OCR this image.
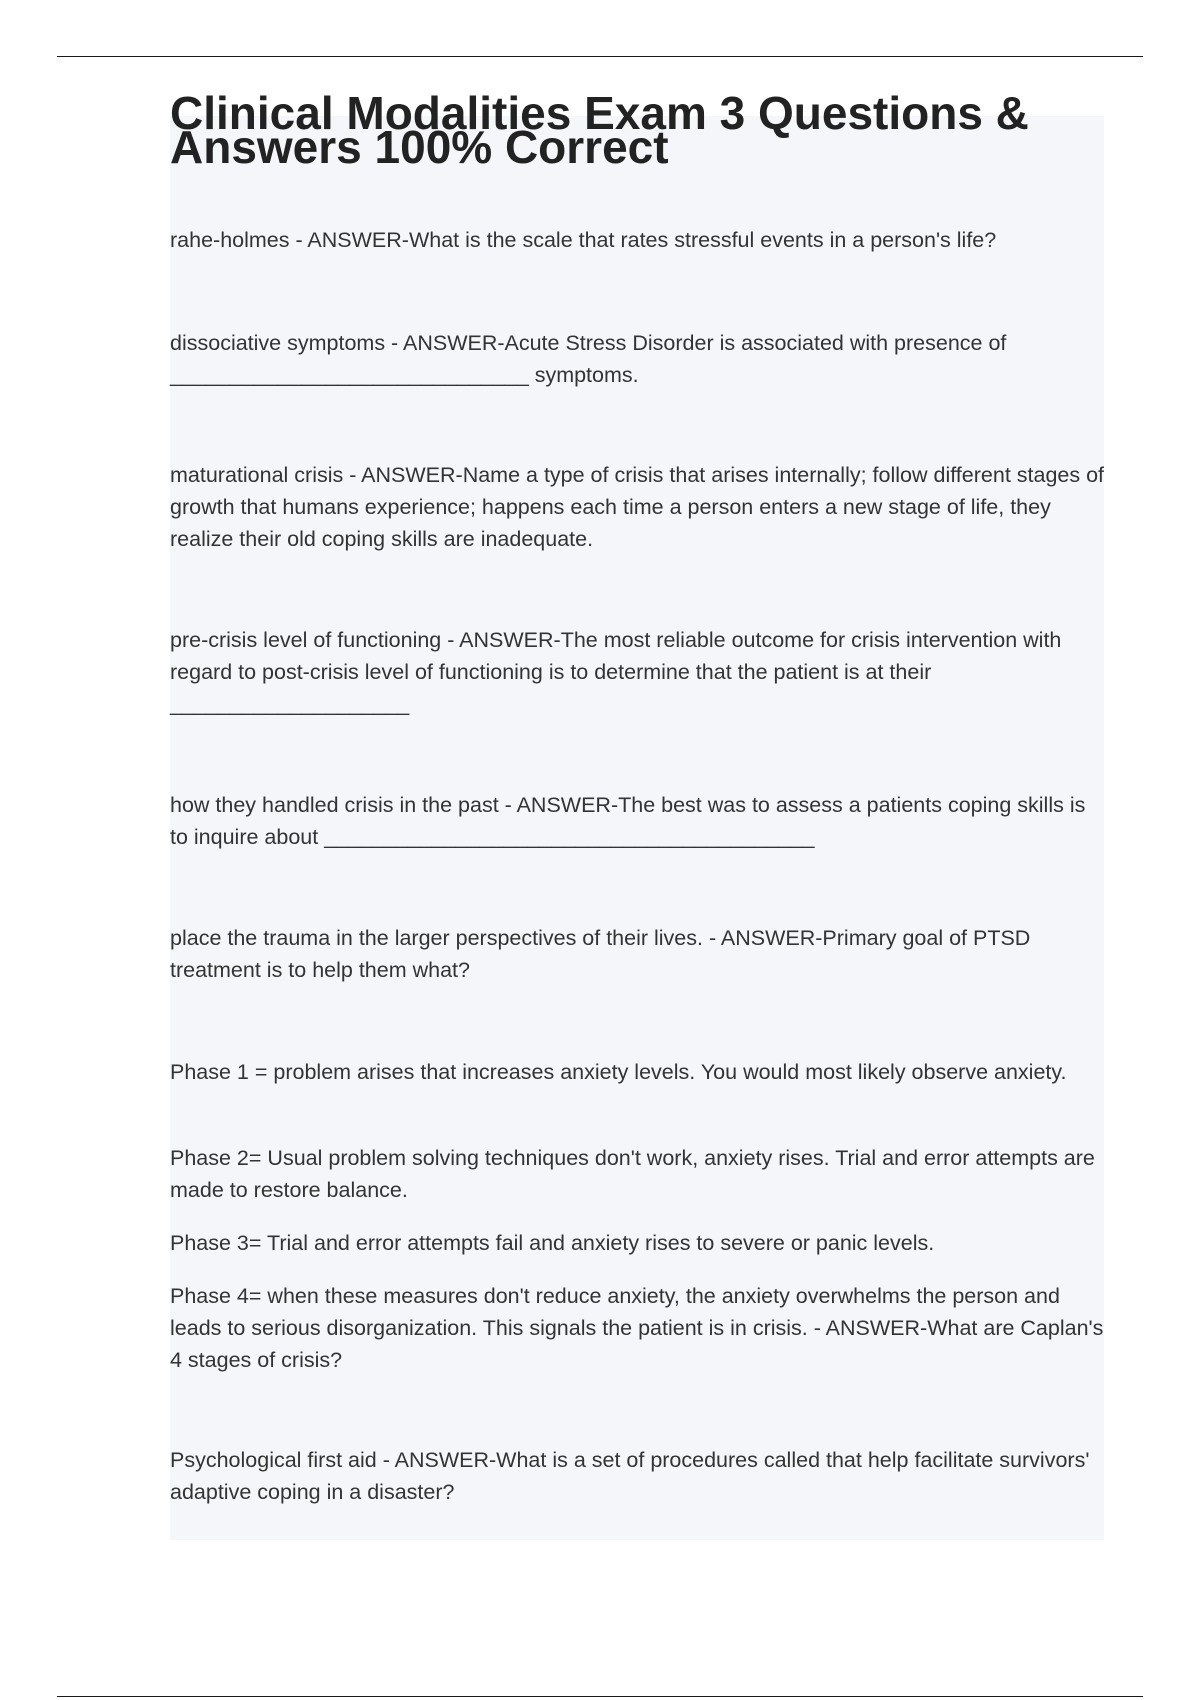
Clinical Modalities Exam 3 Questions & Answers 100% Correct

rahe-holmes - ANSWER-What is the scale that rates stressful events in a person's life?

dissociative symptoms - ANSWER-Acute Stress Disorder is associated with presence of ______________________________ symptoms.

maturational crisis - ANSWER-Name a type of crisis that arises internally; follow different stages of growth that humans experience; happens each time a person enters a new stage of life, they realize their old coping skills are inadequate.

pre-crisis level of functioning - ANSWER-The most reliable outcome for crisis intervention with regard to post-crisis level of functioning is to determine that the patient is at their ____________________

how they handled crisis in the past - ANSWER-The best was to assess a patients coping skills is to inquire about _________________________________________

place the trauma in the larger perspectives of their lives. - ANSWER-Primary goal of PTSD treatment is to help them what?

Phase 1 = problem arises that increases anxiety levels. You would most likely observe anxiety.

Phase 2= Usual problem solving techniques don't work, anxiety rises. Trial and error attempts are made to restore balance.

Phase 3= Trial and error attempts fail and anxiety rises to severe or panic levels.

Phase 4= when these measures don't reduce anxiety, the anxiety overwhelms the person and leads to serious disorganization. This signals the patient is in crisis. - ANSWER-What are Caplan's 4 stages of crisis?

Psychological first aid - ANSWER-What is a set of procedures called that help facilitate survivors' adaptive coping in a disaster?
